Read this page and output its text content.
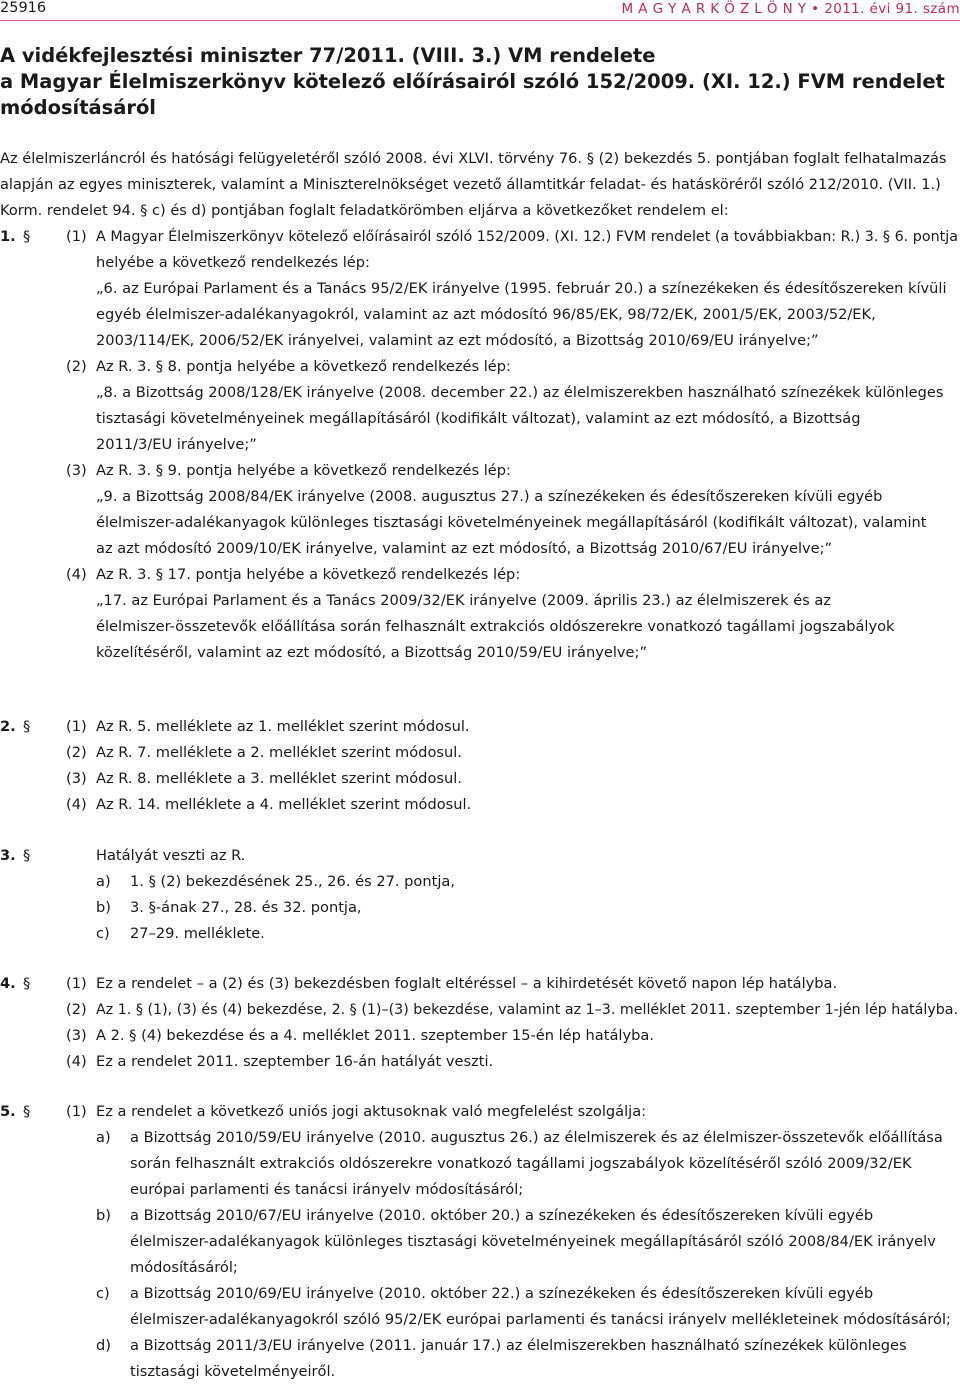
25916	M A G Y A R K Ö Z L Ö N Y • 2011. évi 91. szám
A vidékfejlesztési miniszter 77/2011. (VIII. 3.) VM rendelete
a Magyar Élelmiszerkönyv kötelező előírásairól szóló 152/2009. (XI. 12.) FVM rendelet
módosításáról
Az élelmiszerláncról és hatósági felügyeletéről szóló 2008. évi XLVI. törvény 76. § (2) bekezdés 5. pontjában foglalt felhatalmazás
alapján az egyes miniszterek, valamint a Miniszterelnökséget vezető államtitkár feladat- és hatásköréről szóló 212/2010. (VII. 1.)
Korm. rendelet 94. § c) és d) pontjában foglalt feladatkörömben eljárva a következőket rendelem el:
1. § (1) A Magyar Élelmiszerkönyv kötelező előírásairól szóló 152/2009. (XI. 12.) FVM rendelet (a továbbiakban: R.) 3. § 6. pontja
helyébe a következő rendelkezés lép:
„6. az Európai Parlament és a Tanács 95/2/EK irányelve (1995. február 20.) a színezékeken és édesítőszereken kívüli
egyéb élelmiszer-adalékanyagokról, valamint az azt módosító 96/85/EK, 98/72/EK, 2001/5/EK, 2003/52/EK,
2003/114/EK, 2006/52/EK irányelvei, valamint az ezt módosító, a Bizottság 2010/69/EU irányelve;”
(2) Az R. 3. § 8. pontja helyébe a következő rendelkezés lép:
„8. a Bizottság 2008/128/EK irányelve (2008. december 22.) az élelmiszerekben használható színezékek különleges
tisztasági követelményeinek megállapításáról (kodifikált változat), valamint az ezt módosító, a Bizottság
2011/3/EU irányelve;”
(3) Az R. 3. § 9. pontja helyébe a következő rendelkezés lép:
„9. a Bizottság 2008/84/EK irányelve (2008. augusztus 27.) a színezékeken és édesítőszereken kívüli egyéb
élelmiszer-adalékanyagok különleges tisztasági követelményeinek megállapításáról (kodifikált változat), valamint
az azt módosító 2009/10/EK irányelve, valamint az ezt módosító, a Bizottság 2010/67/EU irányelve;”
(4) Az R. 3. § 17. pontja helyébe a következő rendelkezés lép:
„17. az Európai Parlament és a Tanács 2009/32/EK irányelve (2009. április 23.) az élelmiszerek és az
élelmiszer-összetevők előállítása során felhasznált extrakciós oldószerekre vonatkozó tagállami jogszabályok
közelítéséről, valamint az ezt módosító, a Bizottság 2010/59/EU irányelve;”
2. § (1) Az R. 5. melléklete az 1. melléklet szerint módosul.
(2) Az R. 7. melléklete a 2. melléklet szerint módosul.
(3) Az R. 8. melléklete a 3. melléklet szerint módosul.
(4) Az R. 14. melléklete a 4. melléklet szerint módosul.
3. §	Hatályát veszti az R.
a) 1. § (2) bekezdésének 25., 26. és 27. pontja,
b) 3. §-ának 27., 28. és 32. pontja,
c) 27–29. melléklete.
4. § (1) Ez a rendelet – a (2) és (3) bekezdésben foglalt eltéréssel – a kihirdetését követő napon lép hatályba.
(2) Az 1. § (1), (3) és (4) bekezdése, 2. § (1)–(3) bekezdése, valamint az 1–3. melléklet 2011. szeptember 1-jén lép hatályba.
(3) A 2. § (4) bekezdése és a 4. melléklet 2011. szeptember 15-én lép hatályba.
(4) Ez a rendelet 2011. szeptember 16-án hatályát veszti.
5. § (1) Ez a rendelet a következő uniós jogi aktusoknak való megfelelést szolgálja:
a) a Bizottság 2010/59/EU irányelve (2010. augusztus 26.) az élelmiszerek és az élelmiszer-összetevők előállítása
során felhasznált extrakciós oldószerekre vonatkozó tagállami jogszabályok közelítéséről szóló 2009/32/EK
európai parlamenti és tanácsi irányelv módosításáról;
b) a Bizottság 2010/67/EU irányelve (2010. október 20.) a színezékeken és édesítőszereken kívüli egyéb
élelmiszer-adalékanyagok különleges tisztasági követelményeinek megállapításáról szóló 2008/84/EK irányelv
módosításáról;
c) a Bizottság 2010/69/EU irányelve (2010. október 22.) a színezékeken és édesítőszereken kívüli egyéb
élelmiszer-adalékanyagokról szóló 95/2/EK európai parlamenti és tanácsi irányelv mellékleteinek módosításáról;
d) a Bizottság 2011/3/EU irányelve (2011. január 17.) az élelmiszerekben használható színezékek különleges
tisztasági követelményeiről.
